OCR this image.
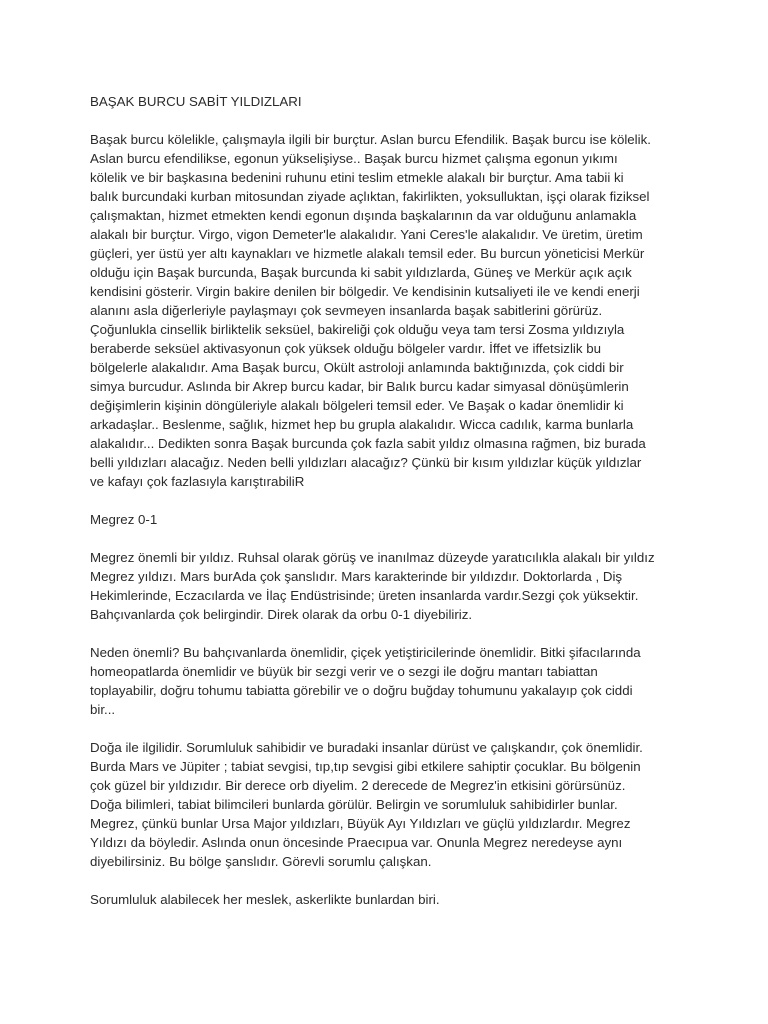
BAŞAK BURCU SABİT YILDIZLARI
Başak burcu kölelikle, çalışmayla ilgili bir burçtur. Aslan burcu Efendilik. Başak burcu ise kölelik.
Aslan burcu efendilikse, egonun yükselişiyse.. Başak burcu hizmet çalışma egonun yıkımı
kölelik ve bir başkasına bedenini ruhunu etini teslim etmekle alakalı bir burçtur. Ama tabii ki
balık burcundaki kurban mitosundan ziyade açlıktan, fakirlikten, yoksulluktan, işçi olarak fiziksel
çalışmaktan, hizmet etmekten kendi egonun dışında başkalarının da var olduğunu anlamakla
alakalı bir burçtur. Virgo, vigon Demeter'le alakalıdır. Yani Ceres'le alakalıdır. Ve üretim, üretim
güçleri, yer üstü yer altı kaynakları ve hizmetle alakalı temsil eder. Bu burcun yöneticisi Merkür
olduğu için Başak burcunda, Başak burcunda ki sabit yıldızlarda, Güneş ve Merkür açık açık
kendisini gösterir. Virgin bakire denilen bir bölgedir. Ve kendisinin kutsaliyeti ile ve kendi enerji
alanını asla diğerleriyle paylaşmayı çok sevmeyen insanlarda başak sabitlerini görürüz.
Çoğunlukla cinsellik birliktelik seksüel, bakireliği çok olduğu veya tam tersi Zosma yıldızıyla
beraberde seksüel aktivasyonun çok yüksek olduğu bölgeler vardır. İffet ve iffetsizlik bu
bölgelerle alakalıdır. Ama Başak burcu, Okült astroloji anlamında baktığınızda, çok ciddi bir
simya burcudur. Aslında bir Akrep burcu kadar, bir Balık burcu kadar simyasal dönüşümlerin
değişimlerin kişinin döngüleriyle alakalı bölgeleri temsil eder. Ve Başak o kadar önemlidir ki
arkadaşlar.. Beslenme, sağlık, hizmet hep bu grupla alakalıdır. Wicca cadılık, karma bunlarla
alakalıdır... Dedikten sonra Başak burcunda çok fazla sabit yıldız olmasına rağmen, biz burada
belli yıldızları alacağız. Neden belli yıldızları alacağız? Çünkü bir kısım yıldızlar küçük yıldızlar
ve kafayı çok fazlasıyla karıştırabiliR
Megrez 0-1
Megrez önemli bir yıldız. Ruhsal olarak görüş ve inanılmaz düzeyde yaratıcılıkla alakalı bir yıldız
Megrez yıldızı. Mars burAda çok şanslıdır. Mars karakterinde bir yıldızdır. Doktorlarda , Diş
Hekimlerinde, Eczacılarda ve İlaç Endüstrisinde; üreten insanlarda vardır.Sezgi çok yüksektir.
Bahçıvanlarda çok belirgindir. Direk olarak da orbu 0-1 diyebiliriz.
Neden önemli? Bu bahçıvanlarda önemlidir, çiçek yetiştiricilerinde önemlidir. Bitki şifacılarında
homeopatlarda önemlidir ve büyük bir sezgi verir ve o sezgi ile doğru mantarı tabiattan
toplayabilir, doğru tohumu tabiatta görebilir ve o doğru buğday tohumunu yakalayıp çok ciddi
bir...
Doğa ile ilgilidir. Sorumluluk sahibidir ve buradaki insanlar dürüst ve çalışkandır, çok önemlidir.
Burda Mars ve Jüpiter ; tabiat sevgisi, tıp,tıp sevgisi gibi etkilere sahiptir çocuklar. Bu bölgenin
çok güzel bir yıldızıdır. Bir derece orb diyelim. 2 derecede de Megrez'in etkisini görürsünüz.
Doğa bilimleri, tabiat bilimcileri bunlarda görülür. Belirgin ve sorumluluk sahibidirler bunlar.
Megrez, çünkü bunlar Ursa Major yıldızları, Büyük Ayı Yıldızları ve güçlü yıldızlardır. Megrez
Yıldızı da böyledir. Aslında onun öncesinde Praecıpua var. Onunla Megrez neredeyse aynı
diyebilirsiniz. Bu bölge şanslıdır. Görevli sorumlu çalışkan.
Sorumluluk alabilecek her meslek, askerlikte bunlardan biri.
